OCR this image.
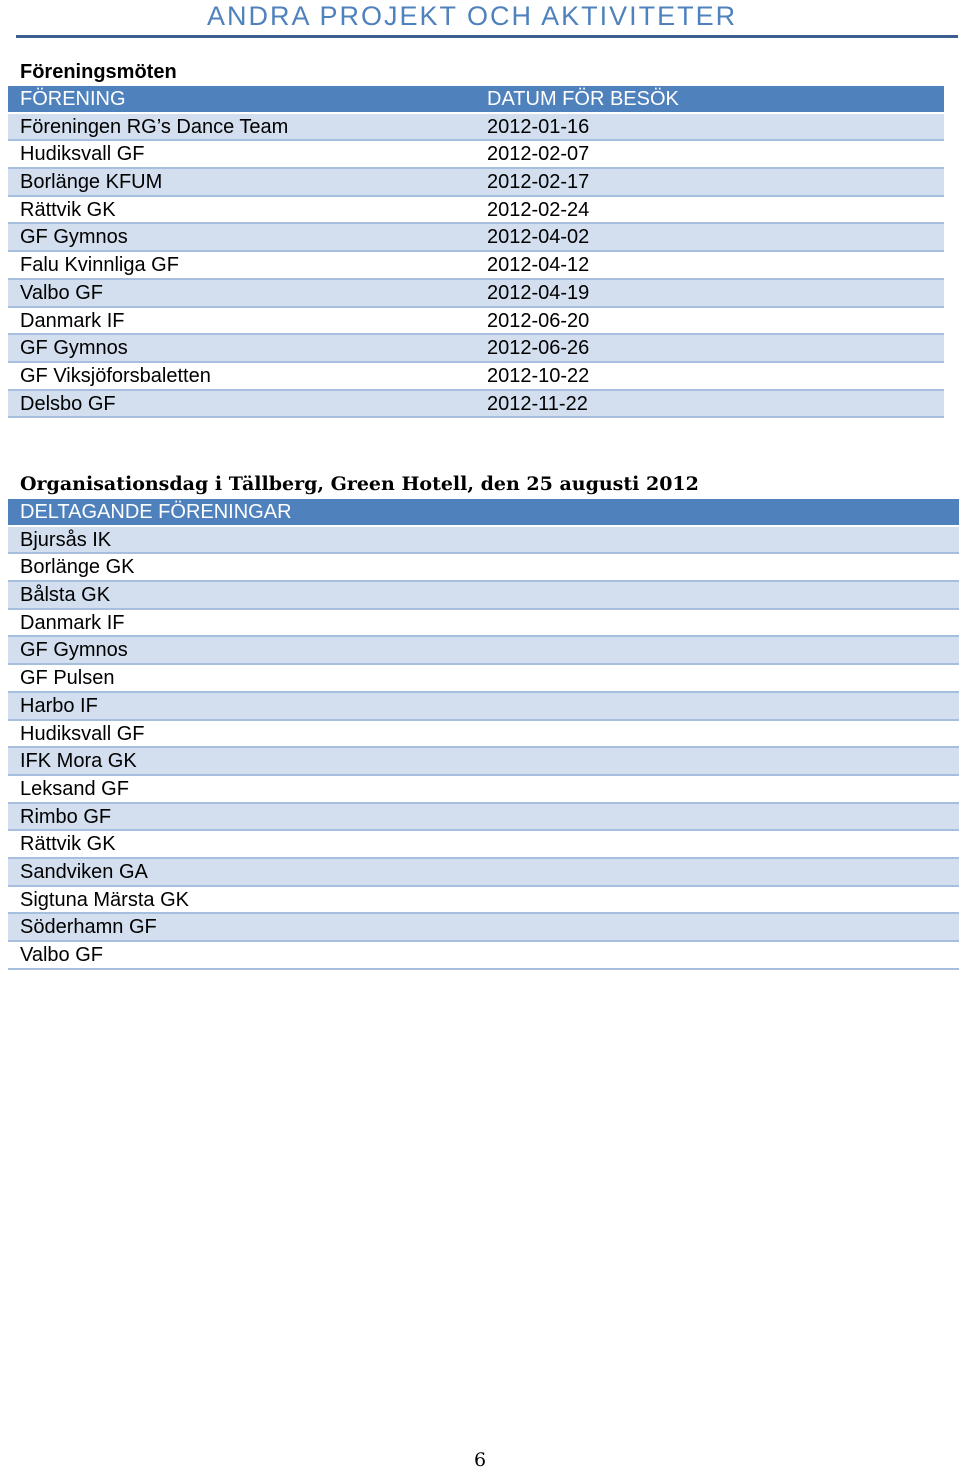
ANDRA PROJEKT OCH AKTIVITETER
Föreningsmöten
FÖRENING	DATUM FÖR BESÖK
Föreningen RG’s Dance Team	2012-01-16
Hudiksvall GF	2012-02-07
Borlänge KFUM	2012-02-17
Rättvik GK	2012-02-24
GF Gymnos	2012-04-02
Falu Kvinnliga GF	2012-04-12
Valbo GF	2012-04-19
Danmark IF	2012-06-20
GF Gymnos	2012-06-26
GF Viksjöforsbaletten	2012-10-22
Delsbo GF	2012-11-22
Organisationsdag i Tällberg, Green Hotell, den 25 augusti 2012
DELTAGANDE FÖRENINGAR
Bjursås IK
Borlänge GK
Bålsta GK
Danmark IF
GF Gymnos
GF Pulsen
Harbo IF
Hudiksvall GF
IFK Mora GK
Leksand GF
Rimbo GF
Rättvik GK
Sandviken GA
Sigtuna Märsta GK
Söderhamn GF
Valbo GF
6
